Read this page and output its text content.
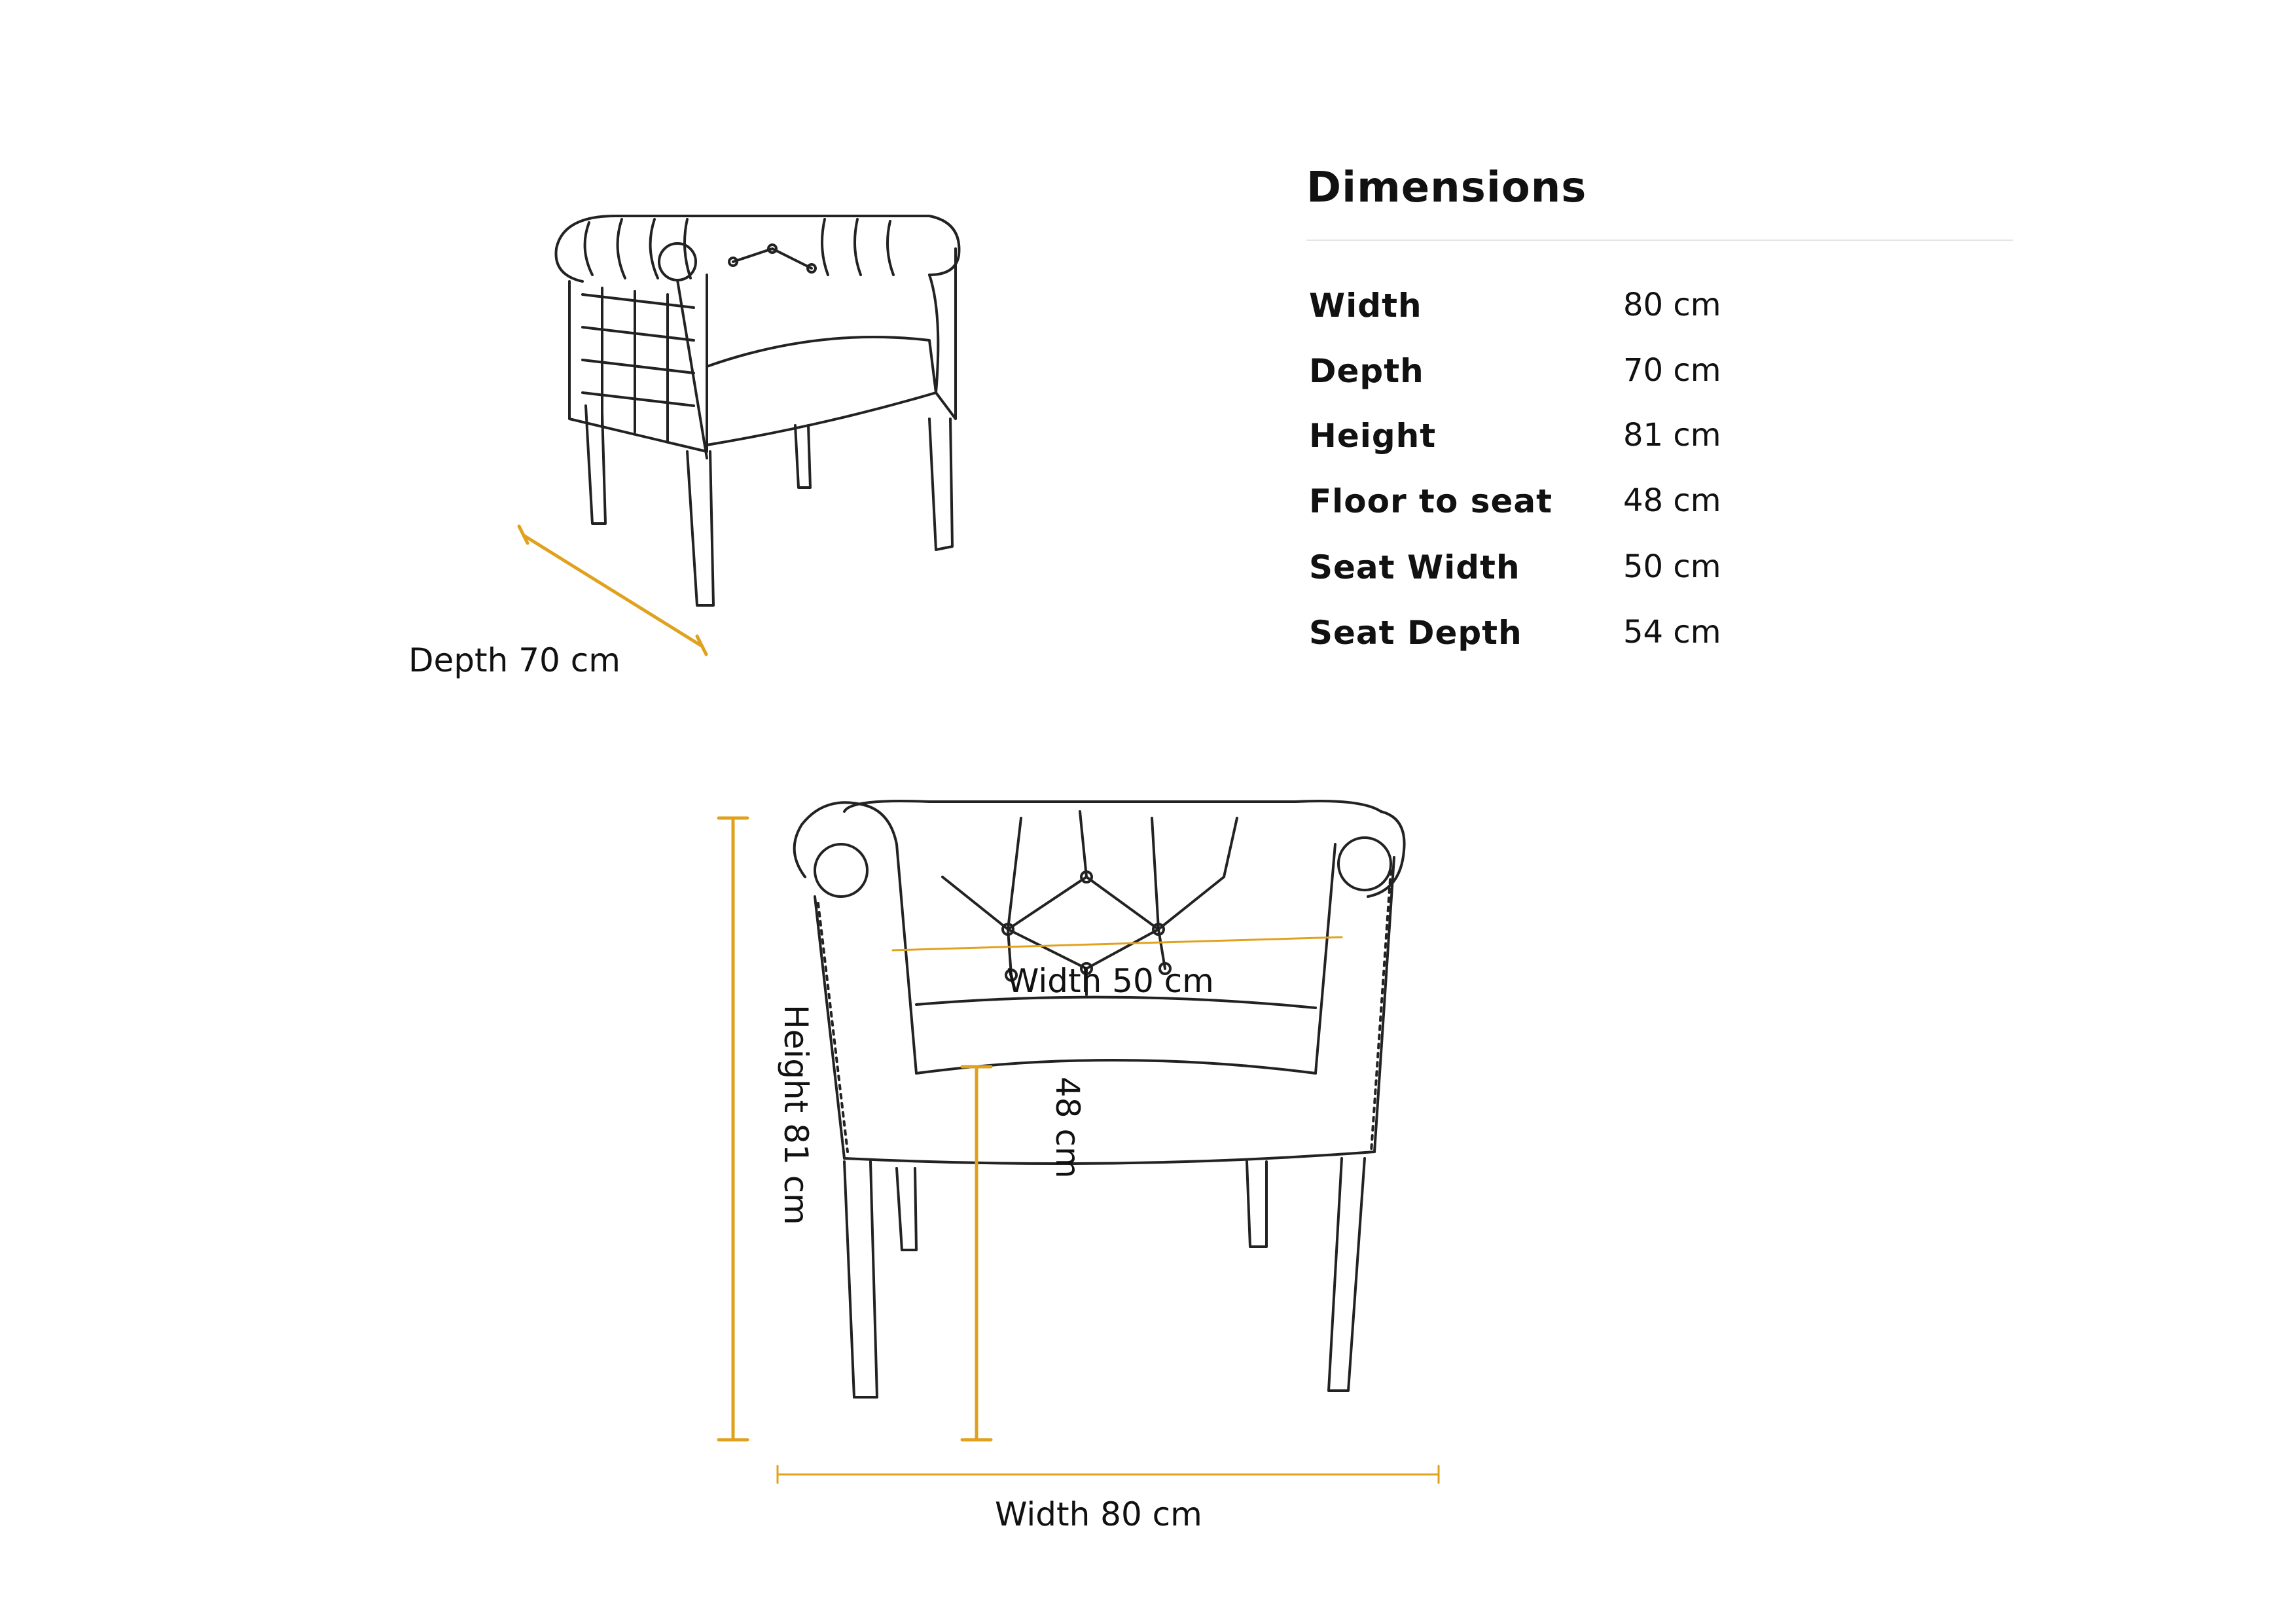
Depth 70 cm
Width 50 cm
Height 81 cm	48 cm
Width 80 cm
Dimensions
Width	80 cm
Depth	70 cm
Height	81 cm
Floor to seat 48 cm
Seat Width	50 cm
Seat Depth	54 cm
